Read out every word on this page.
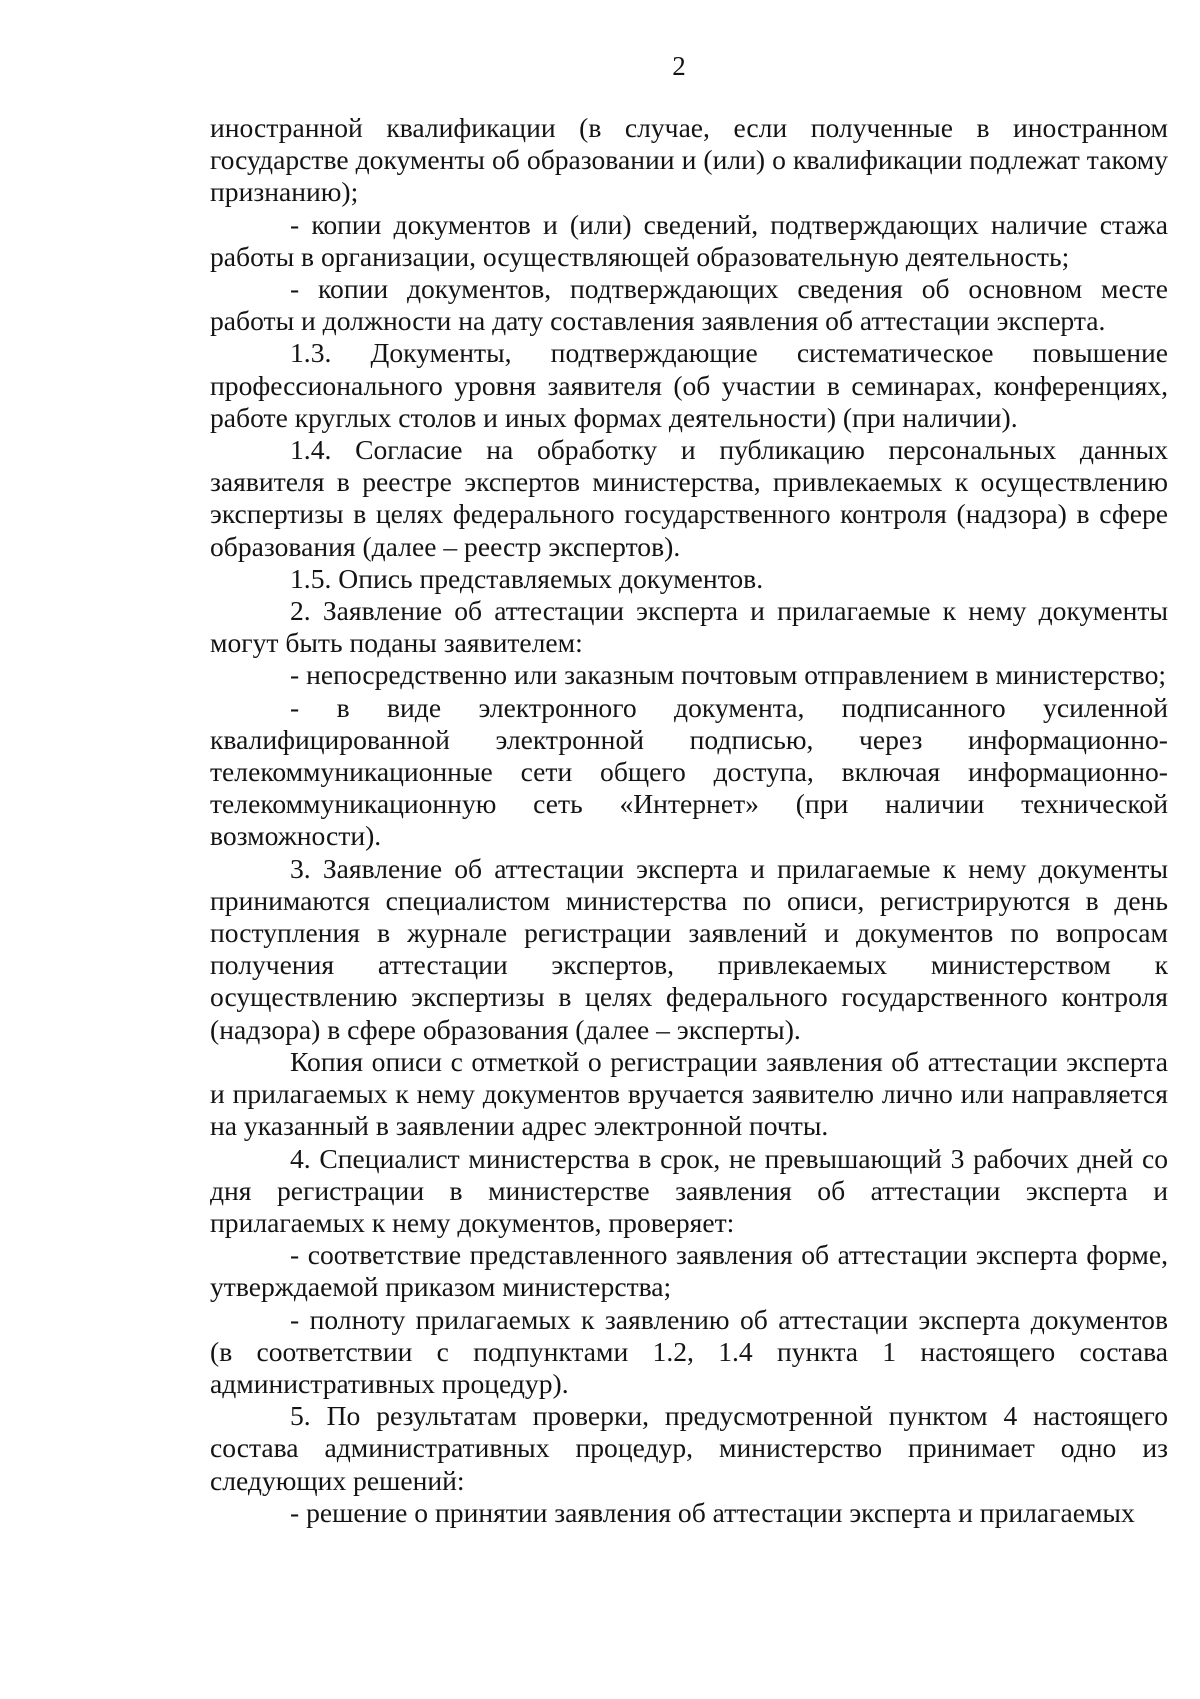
2

иностранной квалификации (в случае, если полученные в иностранном государстве документы об образовании и (или) о квалификации подлежат такому признанию);

- копии документов и (или) сведений, подтверждающих наличие стажа работы в организации, осуществляющей образовательную деятельность;

- копии документов, подтверждающих сведения об основном месте работы и должности на дату составления заявления об аттестации эксперта.

1.3. Документы, подтверждающие систематическое повышение профессионального уровня заявителя (об участии в семинарах, конференциях, работе круглых столов и иных формах деятельности) (при наличии).

1.4. Согласие на обработку и публикацию персональных данных заявителя в реестре экспертов министерства, привлекаемых к осуществлению экспертизы в целях федерального государственного контроля (надзора) в сфере образования (далее – реестр экспертов).

1.5. Опись представляемых документов.

2. Заявление об аттестации эксперта и прилагаемые к нему документы могут быть поданы заявителем:

- непосредственно или заказным почтовым отправлением в министерство;

- в виде электронного документа, подписанного усиленной квалифицированной электронной подписью, через информационно-телекоммуникационные сети общего доступа, включая информационно-телекоммуникационную сеть «Интернет» (при наличии технической возможности).

3. Заявление об аттестации эксперта и прилагаемые к нему документы принимаются специалистом министерства по описи, регистрируются в день поступления в журнале регистрации заявлений и документов по вопросам получения аттестации экспертов, привлекаемых министерством к осуществлению экспертизы в целях федерального государственного контроля (надзора) в сфере образования (далее – эксперты).

Копия описи с отметкой о регистрации заявления об аттестации эксперта и прилагаемых к нему документов вручается заявителю лично или направляется на указанный в заявлении адрес электронной почты.

4. Специалист министерства в срок, не превышающий 3 рабочих дней со дня регистрации в министерстве заявления об аттестации эксперта и прилагаемых к нему документов, проверяет:

- соответствие представленного заявления об аттестации эксперта форме, утверждаемой приказом министерства;

- полноту прилагаемых к заявлению об аттестации эксперта документов (в соответствии с подпунктами 1.2, 1.4 пункта 1 настоящего состава административных процедур).

5. По результатам проверки, предусмотренной пунктом 4 настоящего состава административных процедур, министерство принимает одно из следующих решений:

- решение о принятии заявления об аттестации эксперта и прилагаемых
